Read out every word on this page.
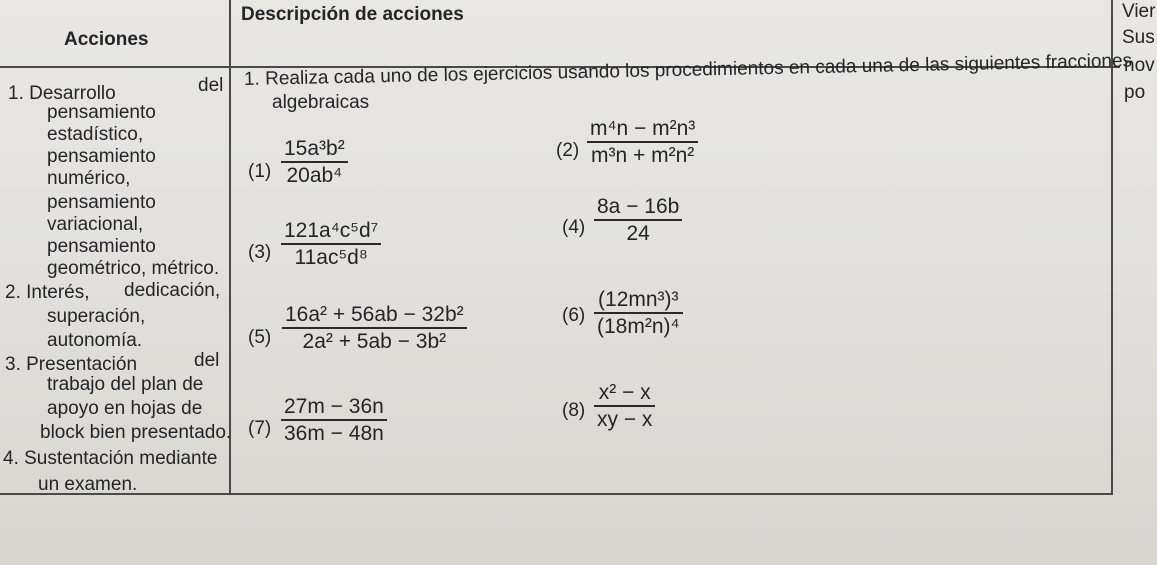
Acciones
Descripción de acciones
1. Desarrollo	del
pensamiento
estadístico,
pensamiento
numérico,
pensamiento
variacional,
pensamiento
geométrico, métrico.
2. Interés, dedicación,
superación,
autonomía.
3. Presentación	del
trabajo del plan de
apoyo en hojas de
block bien presentado.
4. Sustentación mediante
un examen.
1. Realiza cada uno de los ejercicios usando los procedimientos en cada una de las siguientes fracciones
algebraicas
(1)
15a³b²
20ab⁴
(2)
m⁴n − m²n³
m³n + m²n²
(3)
121a⁴c⁵d⁷
11ac⁵d⁸
(4)
8a − 16b
24
(5)
16a² + 56ab − 32b²
2a² + 5ab − 3b²
(6)
(12mn³)³
(18m²n)⁴
(7)
27m − 36n
36m − 48n
(8)
x² − x
xy − x
Vier
Sus
nov
po
